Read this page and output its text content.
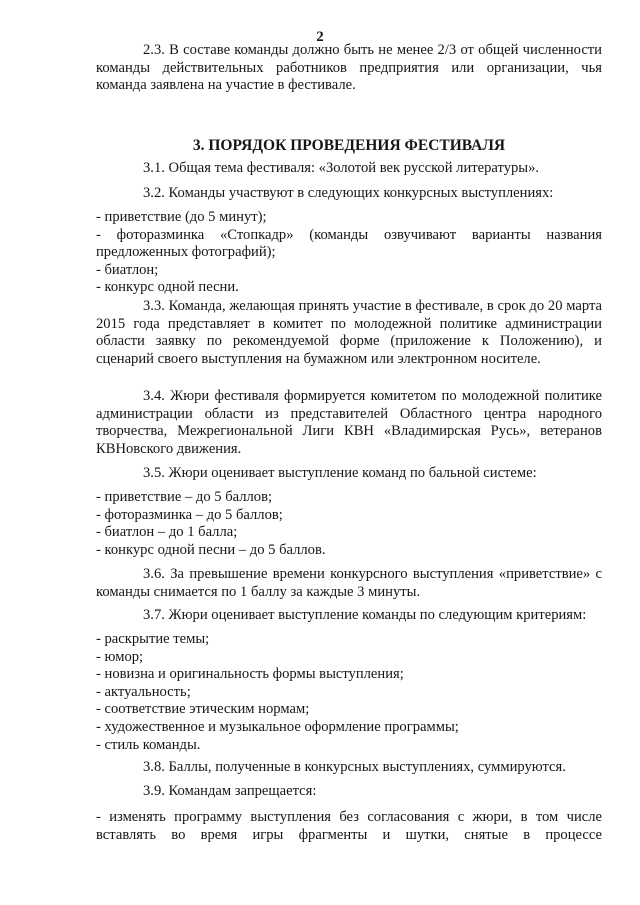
2
2.3. В составе команды должно быть не менее 2/3 от общей численности команды действительных работников предприятия или организации, чья команда заявлена на участие в фестивале.
3. ПОРЯДОК ПРОВЕДЕНИЯ ФЕСТИВАЛЯ
3.1. Общая тема фестиваля: «Золотой век русской литературы».
3.2. Команды участвуют в следующих конкурсных выступлениях:
- приветствие (до 5 минут);
- фоторазминка «Стопкадр» (команды озвучивают варианты названия предложенных фотографий);
- биатлон;
- конкурс одной песни.
3.3. Команда, желающая принять участие в фестивале, в срок до 20 марта 2015 года представляет в комитет по молодежной политике администрации области заявку по рекомендуемой форме (приложение к Положению), и сценарий своего выступления на бумажном или электронном носителе.
3.4. Жюри фестиваля формируется комитетом по молодежной политике администрации области из представителей Областного центра народного творчества, Межрегиональной Лиги КВН «Владимирская Русь», ветеранов КВНовского движения.
3.5. Жюри оценивает выступление команд по бальной системе:
- приветствие – до 5 баллов;
- фоторазминка – до 5 баллов;
- биатлон – до 1 балла;
- конкурс одной песни – до 5 баллов.
3.6. За превышение времени конкурсного выступления «приветствие» с команды снимается по 1 баллу за каждые 3 минуты.
3.7. Жюри оценивает выступление команды по следующим критериям:
- раскрытие темы;
- юмор;
- новизна и оригинальность формы выступления;
- актуальность;
- соответствие этическим нормам;
- художественное и музыкальное оформление программы;
- стиль команды.
3.8. Баллы, полученные в конкурсных выступлениях, суммируются.
3.9. Командам запрещается:
- изменять программу выступления без согласования с жюри, в том числе
вставлять во время игры фрагменты и шутки, снятые в процессе
